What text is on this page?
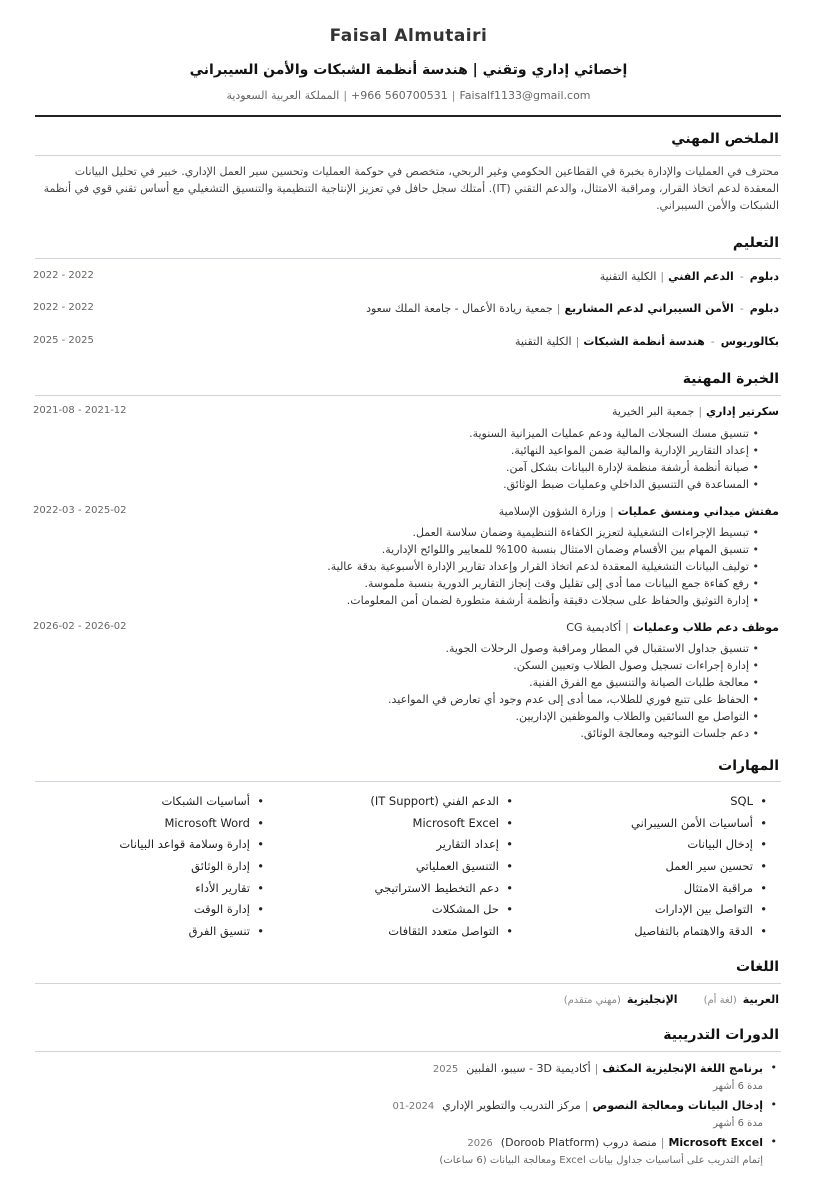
Faisal Almutairi
إخصائي إداري وتقني | هندسة أنظمة الشبكات والأمن السيبراني
Faisalf1133@gmail.com|+966 560700531|المملكة العربية السعودية
الملخص المهني
محترف في العمليات والإدارة بخبرة في القطاعين الحكومي وغير الربحي، متخصص في حوكمة العمليات وتحسين سير العمل الإداري. خبير في تحليل البيانات المعقدة لدعم اتخاذ القرار، ومراقبة الامتثال، والدعم التقني (IT). أمتلك سجل حافل في تعزيز الإنتاجية التنظيمية والتنسيق التشغيلي مع أساس تقني قوي في أنظمة الشبكات والأمن السيبراني.
التعليم
دبلوم-الدعم الفني|الكلية التقنية
2022 - 2022
دبلوم-الأمن السيبراني لدعم المشاريع|جمعية ريادة الأعمال - جامعة الملك سعود
2022 - 2022
بكالوريوس-هندسة أنظمة الشبكات|الكلية التقنية
2025 - 2025
الخبرة المهنية
سكرتير إداري|جمعية البر الخيرية
2021-08 - 2021-12
• تنسيق مسك السجلات المالية ودعم عمليات الميزانية السنوية.
• إعداد التقارير الإدارية والمالية ضمن المواعيد النهائية.
• صيانة أنظمة أرشفة منظمة لإدارة البيانات بشكل آمن.
• المساعدة في التنسيق الداخلي وعمليات ضبط الوثائق.
مفتش ميداني ومنسق عمليات|وزارة الشؤون الإسلامية
2022-03 - 2025-02
• تبسيط الإجراءات التشغيلية لتعزيز الكفاءة التنظيمية وضمان سلاسة العمل.
• تنسيق المهام بين الأقسام وضمان الامتثال بنسبة 100% للمعايير واللوائح الإدارية.
• توليف البيانات التشغيلية المعقدة لدعم اتخاذ القرار وإعداد تقارير الإدارة الأسبوعية بدقة عالية.
• رفع كفاءة جمع البيانات مما أدى إلى تقليل وقت إنجاز التقارير الدورية بنسبة ملموسة.
• إدارة التوثيق والحفاظ على سجلات دقيقة وأنظمة أرشفة متطورة لضمان أمن المعلومات.
موظف دعم طلاب وعمليات|أكاديمية CG
2026-02 - 2026-02
• تنسيق جداول الاستقبال في المطار ومراقبة وصول الرحلات الجوية.
• إدارة إجراءات تسجيل وصول الطلاب وتعيين السكن.
• معالجة طلبات الصيانة والتنسيق مع الفرق الفنية.
• الحفاظ على تتبع فوري للطلاب، مما أدى إلى عدم وجود أي تعارض في المواعيد.
• التواصل مع السائقين والطلاب والموظفين الإداريين.
• دعم جلسات التوجيه ومعالجة الوثائق.
المهارات
• SQL
• أساسيات الأمن السيبراني
• إدخال البيانات
• تحسين سير العمل
• مراقبة الامتثال
• التواصل بين الإدارات
• الدقة والاهتمام بالتفاصيل
• الدعم الفني (IT Support)
• Microsoft Excel
• إعداد التقارير
• التنسيق العملياتي
• دعم التخطيط الاستراتيجي
• حل المشكلات
• التواصل متعدد الثقافات
• أساسيات الشبكات
• Microsoft Word
• إدارة وسلامة قواعد البيانات
• إدارة الوثائق
• تقارير الأداء
• إدارة الوقت
• تنسيق الفرق
اللغات
العربية(لغة أم)الإنجليزية(مهني متقدم)
الدورات التدريبية
• برنامج اللغة الإنجليزية المكثف|أكاديمية 3D - سيبو، الفلبين2025
مدة 6 أشهر
• إدخال البيانات ومعالجة النصوص|مركز التدريب والتطوير الإداري2024-01
مدة 6 أشهر
• Microsoft Excel|منصة دروب (Doroob Platform)2026
إتمام التدريب على أساسيات جداول بيانات Excel ومعالجة البيانات (6 ساعات)
